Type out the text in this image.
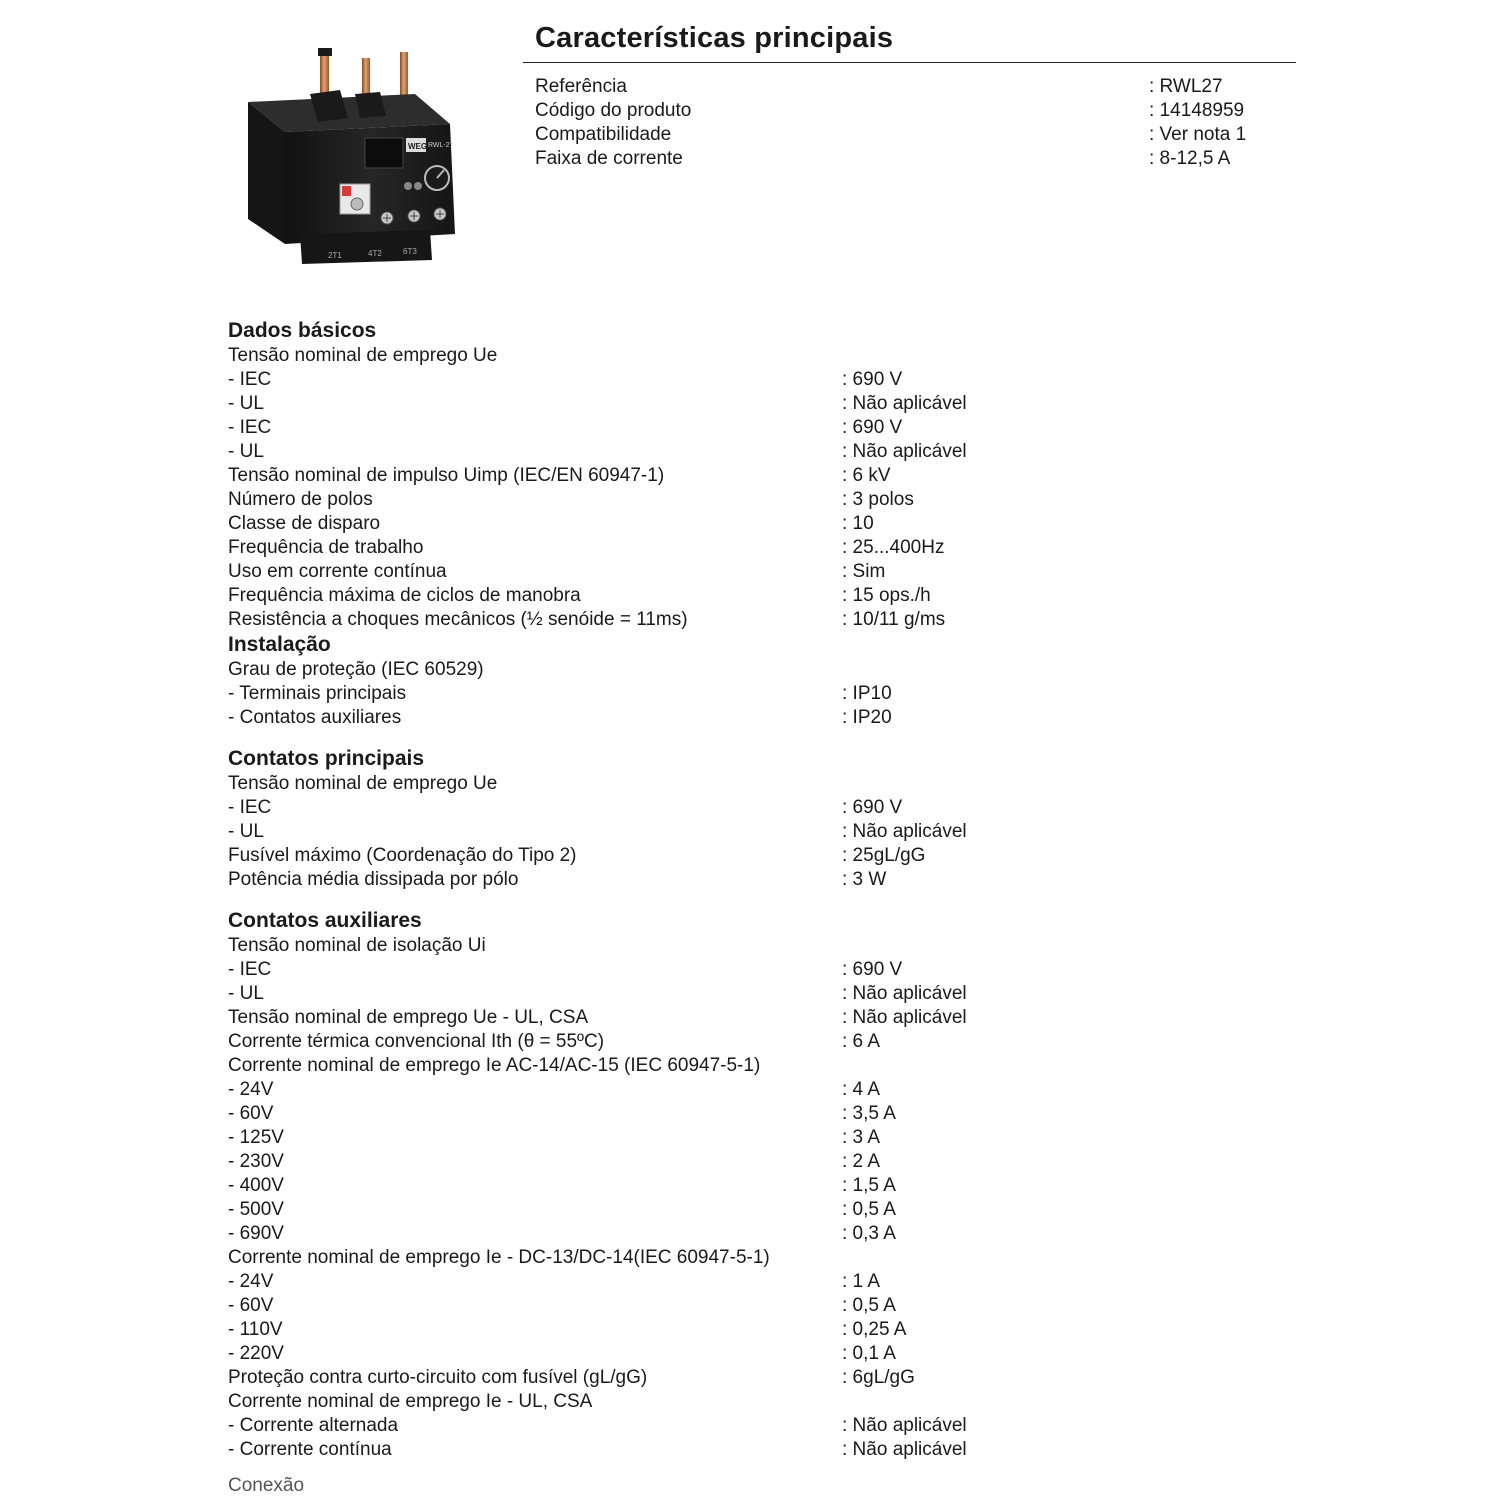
WEG RWL-27
2T1	4T2	6T3
Características principais
Referência	: RWL27
Código do produto	: 14148959
Compatibilidade	: Ver nota 1
Faixa de corrente	: 8-12,5 A
Dados básicos
Tensão nominal de emprego Ue
- IEC	: 690 V
- UL	: Não aplicável
- IEC	: 690 V
- UL	: Não aplicável
Tensão nominal de impulso Uimp (IEC/EN 60947-1)	: 6 kV
Número de polos	: 3 polos
Classe de disparo	: 10
Frequência de trabalho	: 25...400Hz
Uso em corrente contínua	: Sim
Frequência máxima de ciclos de manobra	: 15 ops./h
Resistência a choques mecânicos (½ senóide = 11ms)	: 10/11 g/ms
Instalação
Grau de proteção (IEC 60529)
- Terminais principais	: IP10
- Contatos auxiliares	: IP20
Contatos principais
Tensão nominal de emprego Ue
- IEC	: 690 V
- UL	: Não aplicável
Fusível máximo (Coordenação do Tipo 2)	: 25gL/gG
Potência média dissipada por pólo	: 3 W
Contatos auxiliares
Tensão nominal de isolação Ui
- IEC	: 690 V
- UL	: Não aplicável
Tensão nominal de emprego Ue - UL, CSA	: Não aplicável
Corrente térmica convencional Ith (θ = 55ºC)	: 6 A
Corrente nominal de emprego Ie AC-14/AC-15 (IEC 60947-5-1)
- 24V	: 4 A
- 60V	: 3,5 A
- 125V	: 3 A
- 230V	: 2 A
- 400V	: 1,5 A
- 500V	: 0,5 A
- 690V	: 0,3 A
Corrente nominal de emprego Ie - DC-13/DC-14(IEC 60947-5-1)
- 24V	: 1 A
- 60V	: 0,5 A
- 110V	: 0,25 A
- 220V	: 0,1 A
Proteção contra curto-circuito com fusível (gL/gG)	: 6gL/gG
Corrente nominal de emprego Ie - UL, CSA
- Corrente alternada	: Não aplicável
- Corrente contínua	: Não aplicável
Conexão
